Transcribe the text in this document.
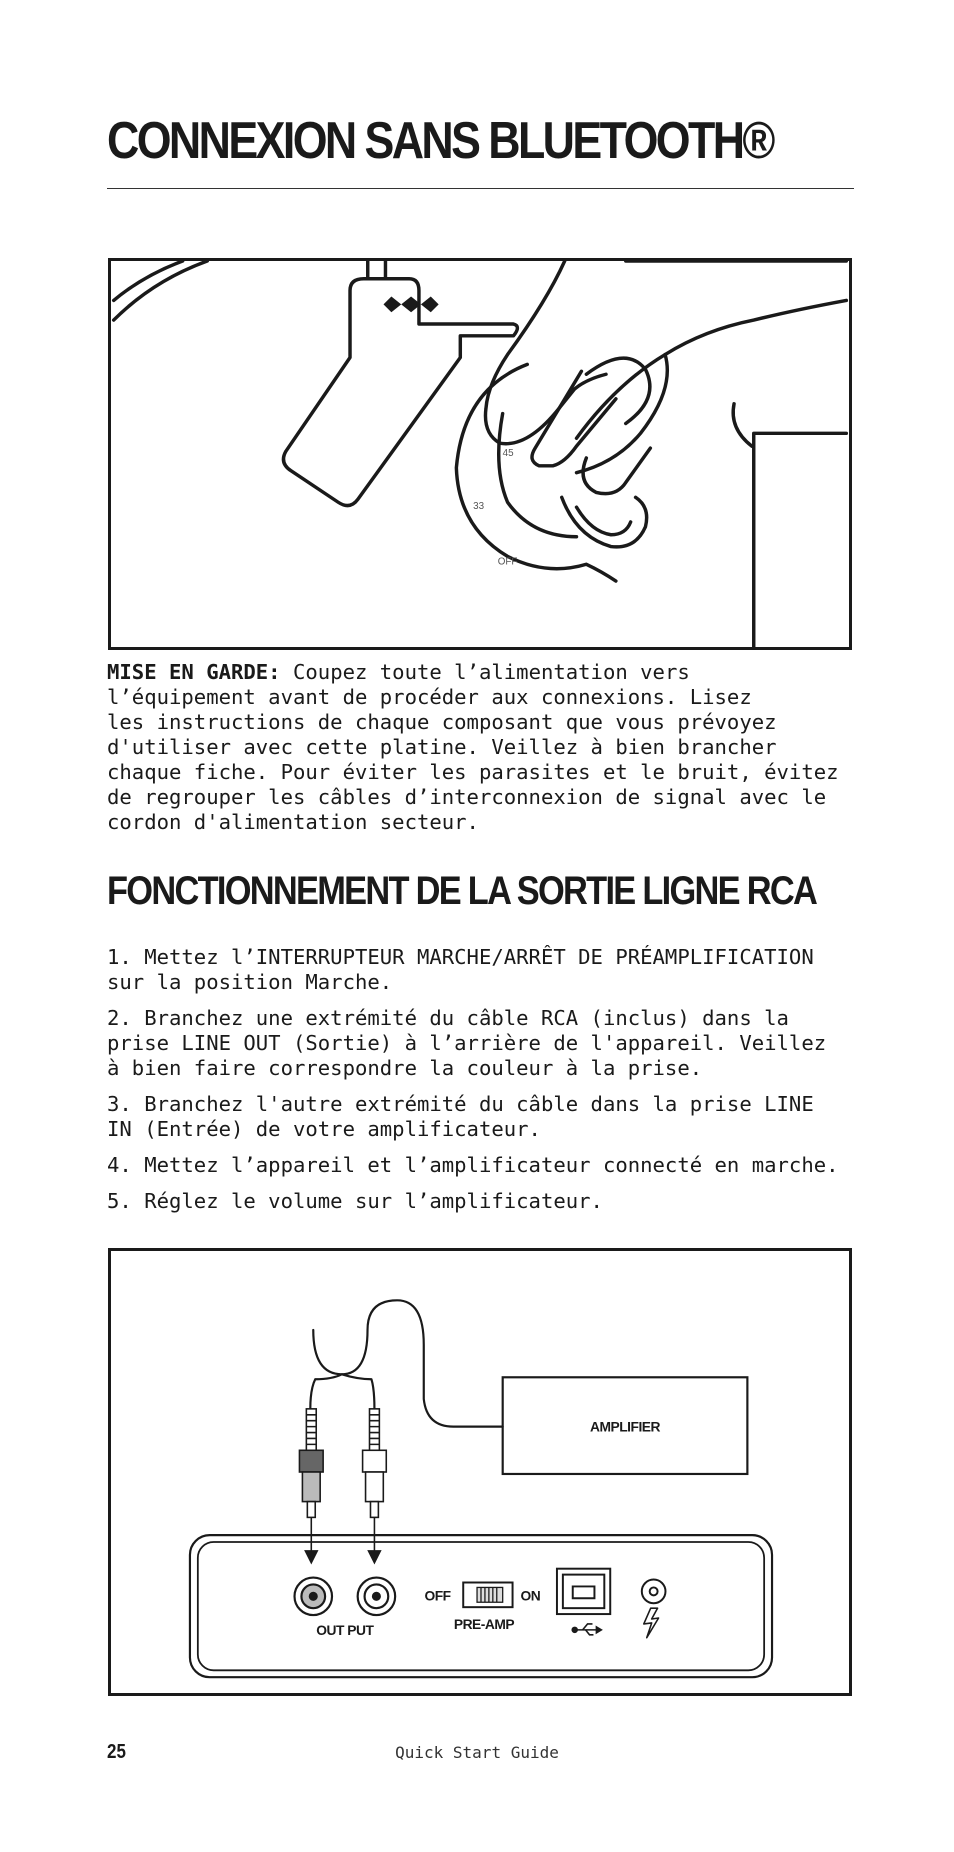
CONNEXION SANS BLUETOOTH®
45
33
OFF

MISE EN GARDE: Coupez toute l’alimentation vers
l’équipement avant de procéder aux connexions. Lisez
les instructions de chaque composant que vous prévoyez
d'utiliser avec cette platine. Veillez à bien brancher
chaque fiche. Pour éviter les parasites et le bruit, évitez
de regrouper les câbles d’interconnexion de signal avec le
cordon d'alimentation secteur.

FONCTIONNEMENT DE LA SORTIE LIGNE RCA
1. Mettez l’INTERRUPTEUR MARCHE/ARRÊT DE PRÉAMPLIFICATION
sur la position Marche.
2. Branchez une extrémité du câble RCA (inclus) dans la
prise LINE OUT (Sortie) à l’arrière de l'appareil. Veillez
à bien faire correspondre la couleur à la prise.
3. Branchez l'autre extrémité du câble dans la prise LINE
IN (Entrée) de votre amplificateur.
4. Mettez l’appareil et l’amplificateur connecté en marche.
5. Réglez le volume sur l’amplificateur.
AMPLIFIER
OUT PUT
OFF	ON
PRE-AMP
25	Quick Start Guide
